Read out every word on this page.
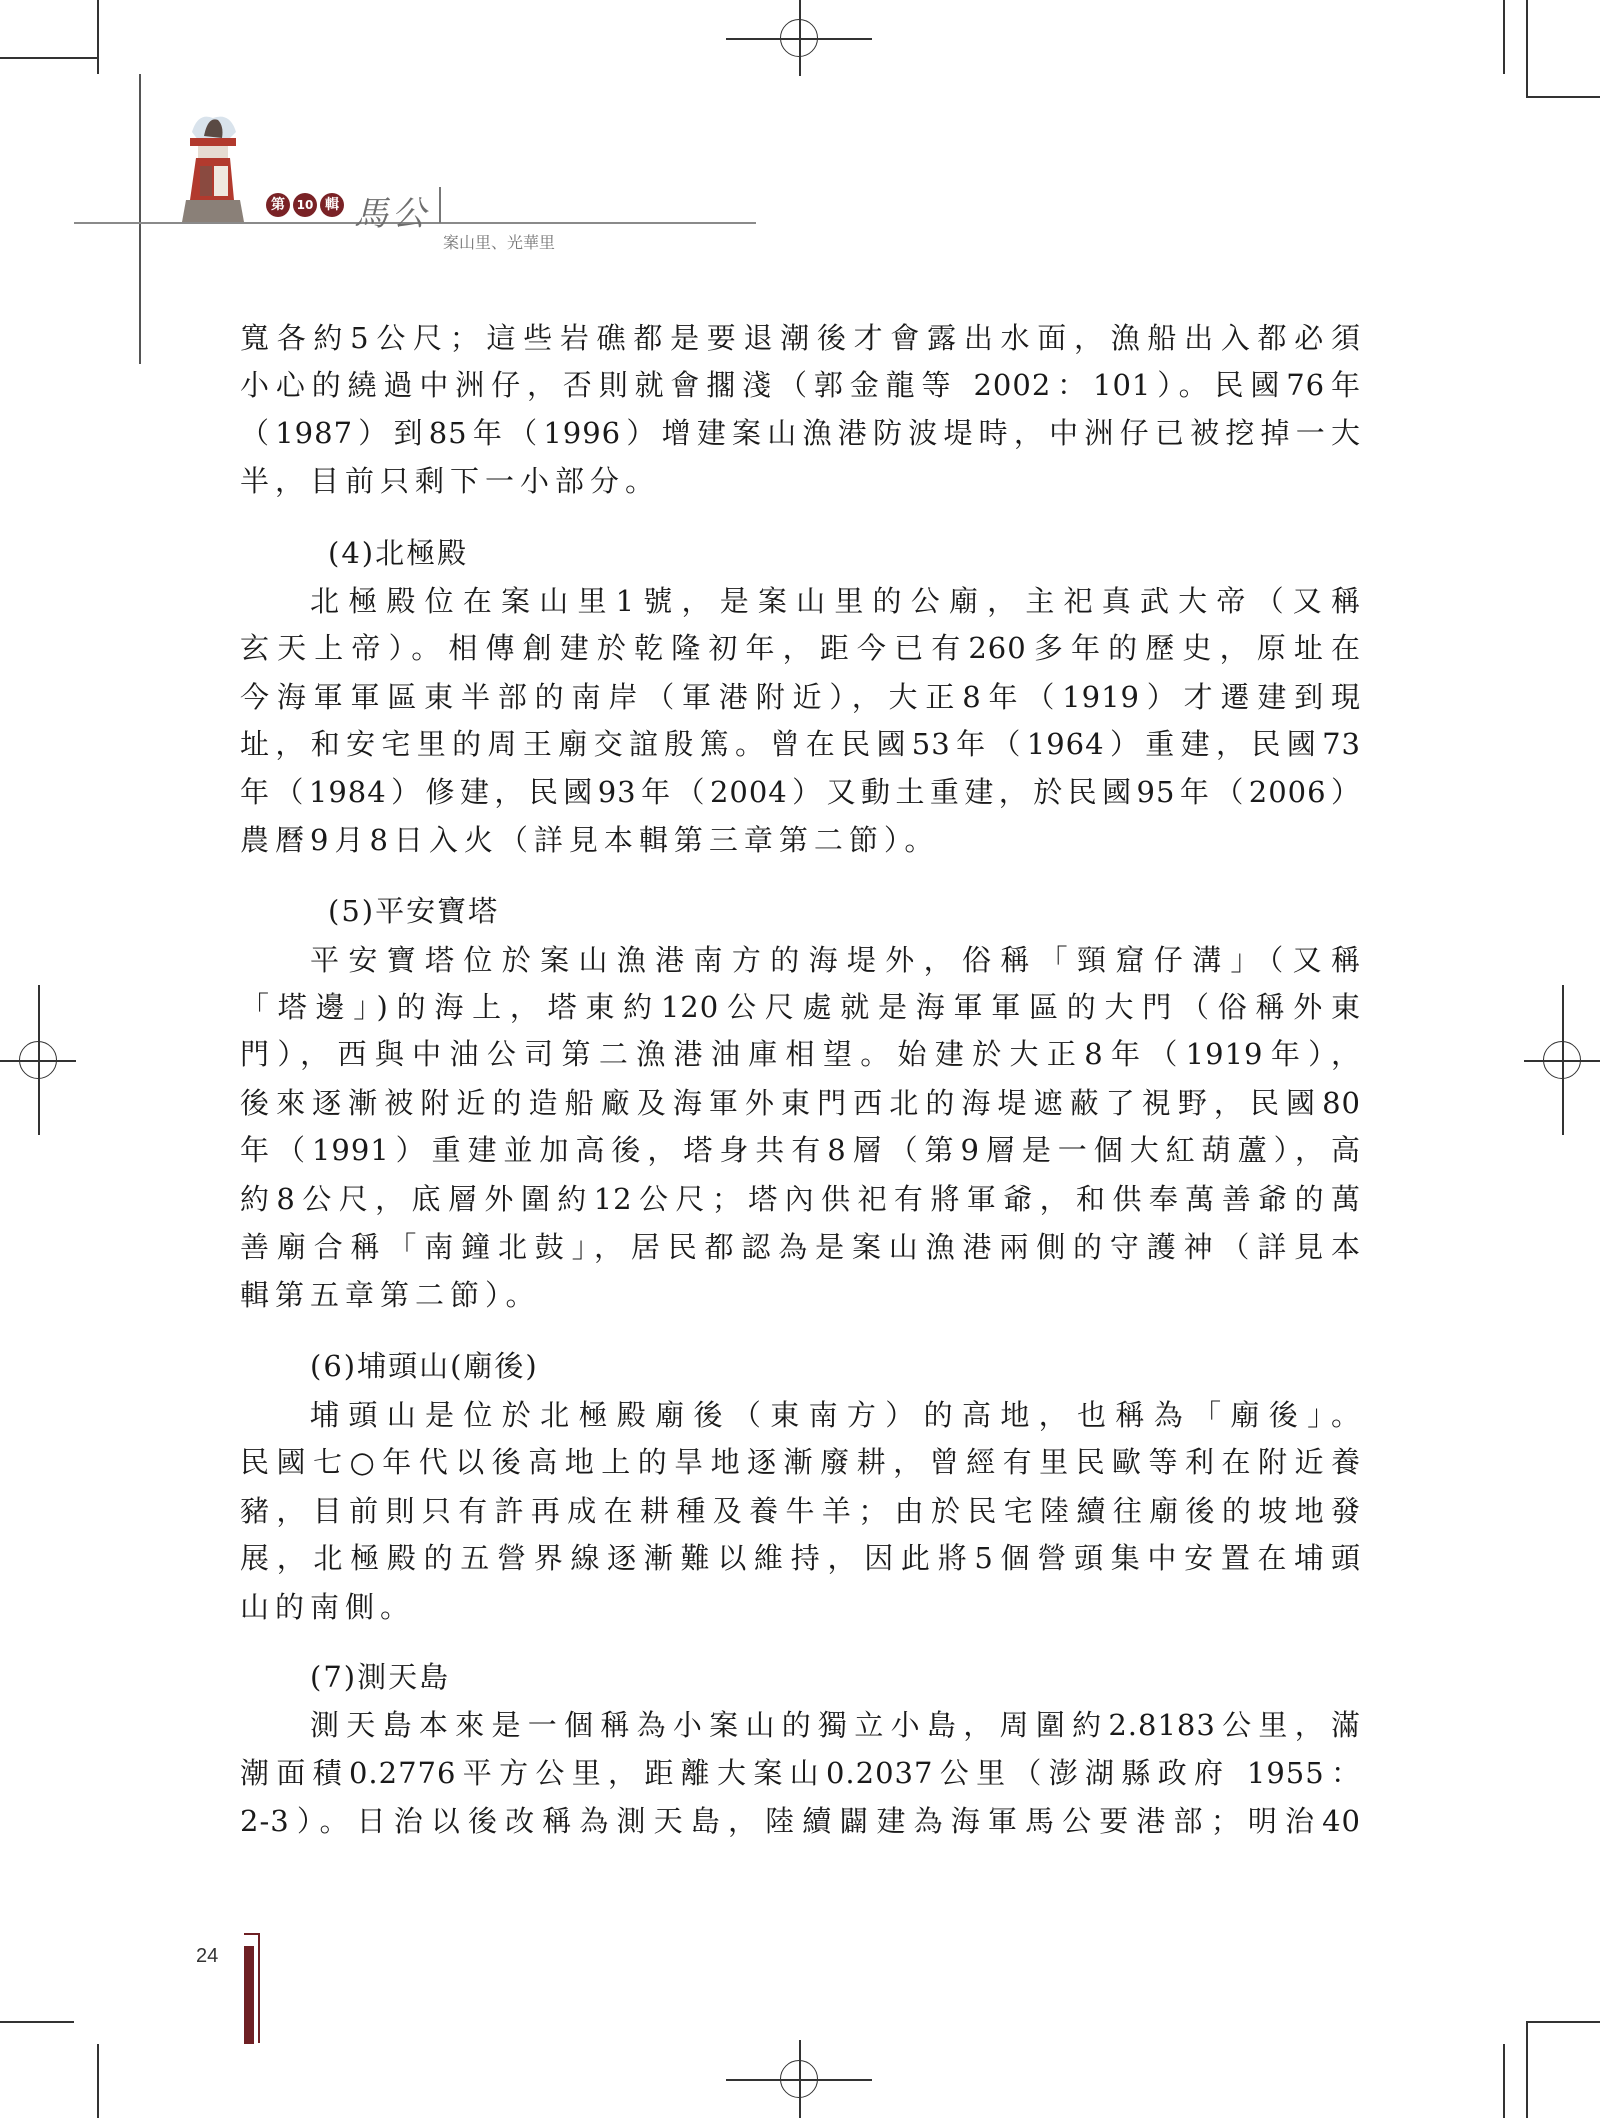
第 10 輯 馬公
案山里、光華里
寬各約5公尺；這些岩礁都是要退潮後才會露出水面，漁船出入都必須
小心的繞過中洲仔，否則就會擱淺（郭金龍等 2002：101）。民國76年
（1987）到85年（1996）增建案山漁港防波堤時，中洲仔已被挖掉一大
半，目前只剩下一小部分。
(4)北極殿
北極殿位在案山里1號，是案山里的公廟，主祀真武大帝（又稱
玄天上帝）。相傳創建於乾隆初年，距今已有260多年的歷史，原址在
今海軍軍區東半部的南岸（軍港附近），大正8年（1919）才遷建到現
址，和安宅里的周王廟交誼殷篤。曾在民國53年（1964）重建，民國73
年（1984）修建，民國93年（2004）又動土重建，於民國95年（2006）
農曆9月8日入火（詳見本輯第三章第二節）。
(5)平安寶塔
平安寶塔位於案山漁港南方的海堤外，俗稱「頸窟仔溝」（又稱
「塔邊」)的海上，塔東約120公尺處就是海軍軍區的大門（俗稱外東
門），西與中油公司第二漁港油庫相望。始建於大正8年（1919年），
後來逐漸被附近的造船廠及海軍外東門西北的海堤遮蔽了視野，民國80
年（1991）重建並加高後，塔身共有8層（第9層是一個大紅葫蘆），高
約8公尺，底層外圍約12公尺；塔內供祀有將軍爺，和供奉萬善爺的萬
善廟合稱「南鐘北鼓」，居民都認為是案山漁港兩側的守護神（詳見本
輯第五章第二節）。
(6)埔頭山(廟後)
埔頭山是位於北極殿廟後（東南方）的高地，也稱為「廟後」。
民國七○年代以後高地上的旱地逐漸廢耕，曾經有里民歐等利在附近養
豬，目前則只有許再成在耕種及養牛羊；由於民宅陸續往廟後的坡地發
展，北極殿的五營界線逐漸難以維持，因此將5個營頭集中安置在埔頭
山的南側。
(7)測天島
測天島本來是一個稱為小案山的獨立小島，周圍約2.8183公里，滿
潮面積0.2776平方公里，距離大案山0.2037公里（澎湖縣政府 1955：
2-3）。日治以後改稱為測天島，陸續闢建為海軍馬公要港部；明治40
24
